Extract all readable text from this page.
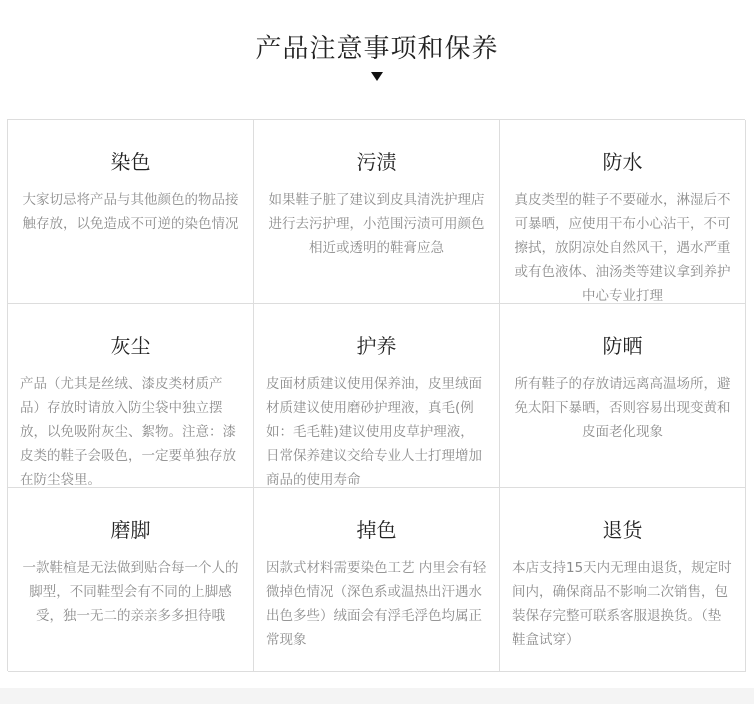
产品注意事项和保养
染色
大家切忌将产品与其他颜色的物品接触存放，以免造成不可逆的染色情况
污渍
如果鞋子脏了建议到皮具清洗护理店进行去污护理，小范围污渍可用颜色相近或透明的鞋膏应急
防水
真皮类型的鞋子不要碰水，淋湿后不可暴晒，应使用干布小心沾干，不可擦拭，放阴凉处自然风干，遇水严重或有色液体、油汤类等建议拿到养护中心专业打理
灰尘
产品（尤其是丝绒、漆皮类材质产品）存放时请放入防尘袋中独立摆放，以免吸附灰尘、絮物。注意：漆皮类的鞋子会吸色，一定要单独存放在防尘袋里。
护养
皮面材质建议使用保养油，皮里绒面材质建议使用磨砂护理液，真毛(例如：毛毛鞋)建议使用皮草护理液，日常保养建议交给专业人士打理增加商品的使用寿命
防晒
所有鞋子的存放请远离高温场所，避免太阳下暴晒，否则容易出现变黄和皮面老化现象
磨脚
一款鞋楦是无法做到贴合每一个人的脚型，不同鞋型会有不同的上脚感受，独一无二的亲亲多多担待哦
掉色
因款式材料需要染色工艺 内里会有轻微掉色情况（深色系或温热出汗遇水出色多些）绒面会有浮毛浮色均属正常现象
退货
本店支持15天内无理由退货，规定时间内，确保商品不影响二次销售，包装保存完整可联系客服退换货。（垫鞋盒试穿）
